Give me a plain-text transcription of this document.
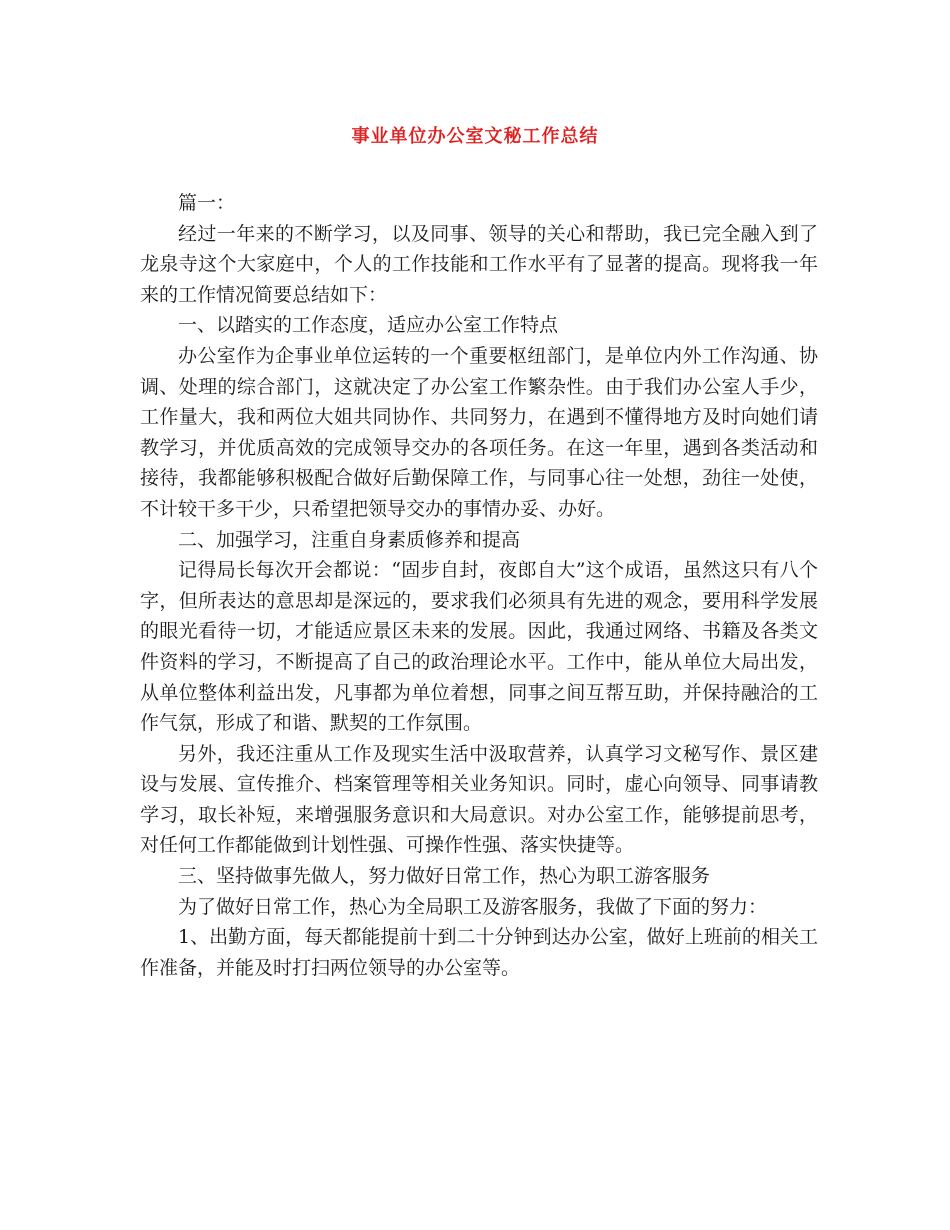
事业单位办公室文秘工作总结

篇一：

经过一年来的不断学习，以及同事、领导的关心和帮助，我已完全融入到了龙泉寺这个大家庭中，个人的工作技能和工作水平有了显著的提高。现将我一年来的工作情况简要总结如下：

一、以踏实的工作态度，适应办公室工作特点

办公室作为企事业单位运转的一个重要枢纽部门，是单位内外工作沟通、协调、处理的综合部门，这就决定了办公室工作繁杂性。由于我们办公室人手少，工作量大，我和两位大姐共同协作、共同努力，在遇到不懂得地方及时向她们请教学习，并优质高效的完成领导交办的各项任务。在这一年里，遇到各类活动和接待，我都能够积极配合做好后勤保障工作，与同事心往一处想，劲往一处使，不计较干多干少，只希望把领导交办的事情办妥、办好。

二、加强学习，注重自身素质修养和提高

记得局长每次开会都说：“固步自封，夜郎自大”这个成语，虽然这只有八个字，但所表达的意思却是深远的，要求我们必须具有先进的观念，要用科学发展的眼光看待一切，才能适应景区未来的发展。因此，我通过网络、书籍及各类文件资料的学习，不断提高了自己的政治理论水平。工作中，能从单位大局出发，从单位整体利益出发，凡事都为单位着想，同事之间互帮互助，并保持融洽的工作气氛，形成了和谐、默契的工作氛围。

另外，我还注重从工作及现实生活中汲取营养，认真学习文秘写作、景区建设与发展、宣传推介、档案管理等相关业务知识。同时，虚心向领导、同事请教学习，取长补短，来增强服务意识和大局意识。对办公室工作，能够提前思考，对任何工作都能做到计划性强、可操作性强、落实快捷等。

三、坚持做事先做人，努力做好日常工作，热心为职工游客服务

为了做好日常工作，热心为全局职工及游客服务，我做了下面的努力：

1、出勤方面，每天都能提前十到二十分钟到达办公室，做好上班前的相关工作准备，并能及时打扫两位领导的办公室等。
